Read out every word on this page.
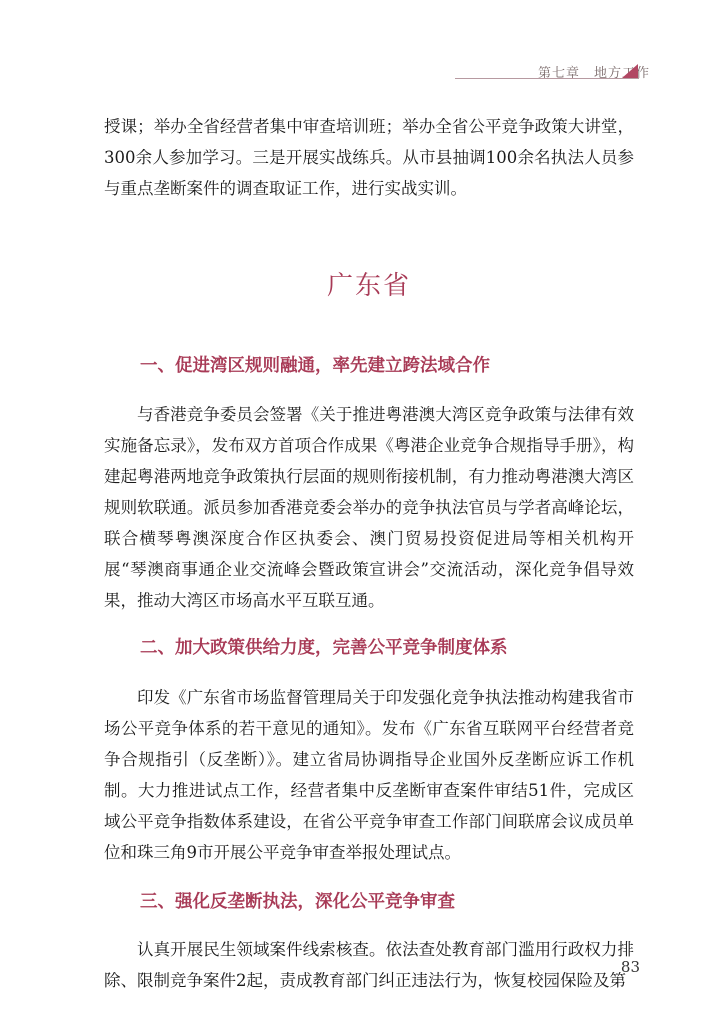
第七章　地方工作

授课；举办全省经营者集中审查培训班；举办全省公平竞争政策大讲堂，300余人参加学习。三是开展实战练兵。从市县抽调100余名执法人员参与重点垄断案件的调查取证工作，进行实战实训。

广东省
一、促进湾区规则融通，率先建立跨法域合作

与香港竞争委员会签署《关于推进粤港澳大湾区竞争政策与法律有效实施备忘录》，发布双方首项合作成果《粤港企业竞争合规指导手册》，构建起粤港两地竞争政策执行层面的规则衔接机制，有力推动粤港澳大湾区规则软联通。派员参加香港竞委会举办的竞争执法官员与学者高峰论坛，联合横琴粤澳深度合作区执委会、澳门贸易投资促进局等相关机构开展“琴澳商事通企业交流峰会暨政策宣讲会”交流活动，深化竞争倡导效果，推动大湾区市场高水平互联互通。

二、加大政策供给力度，完善公平竞争制度体系

印发《广东省市场监督管理局关于印发强化竞争执法推动构建我省市场公平竞争体系的若干意见的通知》。发布《广东省互联网平台经营者竞争合规指引（反垄断）》。建立省局协调指导企业国外反垄断应诉工作机制。大力推进试点工作，经营者集中反垄断审查案件审结51件，完成区域公平竞争指数体系建设，在省公平竞争审查工作部门间联席会议成员单位和珠三角9市开展公平竞争审查举报处理试点。

三、强化反垄断执法，深化公平竞争审查

认真开展民生领域案件线索核查。依法查处教育部门滥用行政权力排除、限制竞争案件2起，责成教育部门纠正违法行为，恢复校园保险及第

83
